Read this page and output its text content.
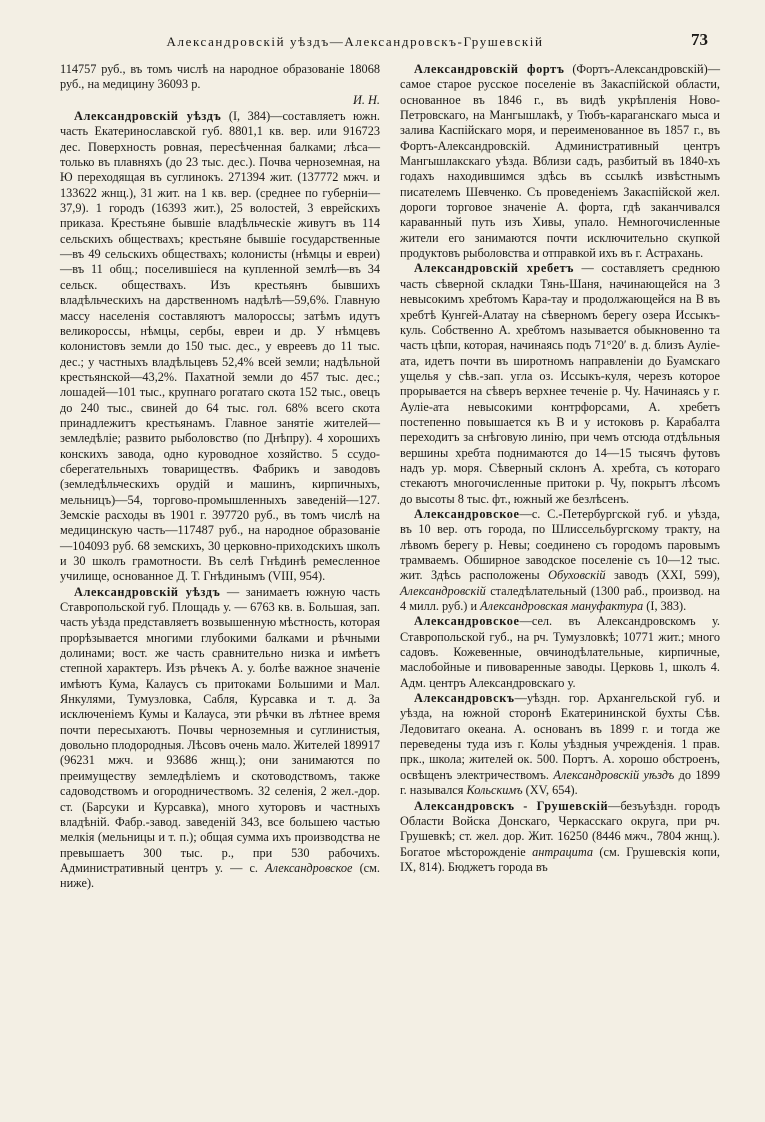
Александровскій уѣздъ—Александровскъ-Грушевскій	73

114757 руб., въ томъ числѣ на народное образованіе 18068 руб., на медицину 36093 р.

И. Н.

Александровскій уѣздъ (I, 384)—составляетъ южн. часть Екатеринославской губ. 8801,1 кв. вер. или 916723 дес. Поверхность ровная, пересѣченная балками; лѣса—только въ плавняхъ (до 23 тыс. дес.). Почва черноземная, на Ю переходящая въ суглинокъ. 271394 жит. (137772 мжч. и 133622 жнщ.), 31 жит. на 1 кв. вер. (среднее по губерніи—37,9). 1 городъ (16393 жит.), 25 волостей, 3 еврейскихъ приказа. Крестьяне бывшіе владѣльческіе живутъ въ 114 сельскихъ обществахъ; крестьяне бывшіе государственные—въ 49 сельскихъ обществахъ; колонисты (нѣмцы и евреи)—въ 11 общ.; поселившіеся на купленной землѣ—въ 34 сельск. обществахъ. Изъ крестьянъ бывшихъ владѣльческихъ на дарственномъ надѣлѣ—59,6%. Главную массу населенія составляютъ малороссы; затѣмъ идутъ великороссы, нѣмцы, сербы, евреи и др. У нѣмцевъ колонистовъ земли до 150 тыс. дес., у евреевъ до 11 тыс. дес.; у частныхъ владѣльцевъ 52,4% всей земли; надѣльной крестьянской—43,2%. Пахатной земли до 457 тыс. дес.; лошадей—101 тыс., крупнаго рогатаго скота 152 тыс., овецъ до 240 тыс., свиней до 64 тыс. гол. 68% всего скота принадлежитъ крестьянамъ. Главное занятіе жителей—земледѣліе; развито рыболовство (по Днѣпру). 4 хорошихъ конскихъ завода, одно куроводное хозяйство. 5 ссудо-сберегательныхъ товариществъ. Фабрикъ и заводовъ (земледѣльческихъ орудій и машинъ, кирпичныхъ, мельницъ)—54, торгово-промышленныхъ заведеній—127. Земскіе расходы въ 1901 г. 397720 руб., въ томъ числѣ на медицинскую часть—117487 руб., на народное образованіе—104093 руб. 68 земскихъ, 30 церковно-приходскихъ школъ и 30 школъ грамотности. Въ селѣ Гнѣдинѣ ремесленное училище, основанное Д. Т. Гнѣдинымъ (VIII, 954).

Александровскій уѣздъ — занимаетъ южную часть Ставропольской губ. Площадь у. — 6763 кв. в. Большая, зап. часть уѣзда представляетъ возвышенную мѣстность, которая прорѣзывается многими глубокими балками и рѣчными долинами; вост. же часть сравнительно низка и имѣетъ степной характеръ. Изъ рѣчекъ А. у. болѣе важное значеніе имѣютъ Кума, Калаусъ съ притоками Большими и Мал. Янкулями, Тумузловка, Сабля, Курсавка и т. д. За исключеніемъ Кумы и Калауса, эти рѣчки въ лѣтнее время почти пересыхаютъ. Почвы черноземныя и суглинистыя, довольно плодородныя. Лѣсовъ очень мало. Жителей 189917 (96231 мжч. и 93686 жнщ.); они занимаются по преимуществу земледѣліемъ и скотоводствомъ, также садоводствомъ и огородничествомъ. 32 селенія, 2 жел.-дор. ст. (Барсуки и Курсавка), много хуторовъ и частныхъ владѣній. Фабр.-завод. заведеній 343, все большею частью мелкія (мельницы и т. п.); общая сумма ихъ производства не превышаетъ 300 тыс. р., при 530 рабочихъ. Административный центръ у. — с. Александровское (см. ниже).

Александровскій фортъ (Фортъ-Александровскій)—самое старое русское поселеніе въ Закаспійской области, основанное въ 1846 г., въ видѣ укрѣпленія Ново-Петровскаго, на Мангышлакѣ, у Тюбъ-караганскаго мыса и залива Каспійскаго моря, и переименованное въ 1857 г., въ Фортъ-Александровскій. Административный центръ Мангышлакскаго уѣзда. Вблизи садъ, разбитый въ 1840-хъ годахъ находившимся здѣсь въ ссылкѣ извѣстнымъ писателемъ Шевченко. Съ проведеніемъ Закаспійской жел. дороги торговое значеніе А. форта, гдѣ заканчивался караванный путь изъ Хивы, упало. Немногочисленные жители его занимаются почти исключительно скупкой продуктовъ рыболовства и отправкой ихъ въ г. Астрахань.

Александровскій хребетъ — составляетъ среднюю часть сѣверной складки Тянь-Шаня, начинающейся на 3 невысокимъ хребтомъ Кара-тау и продолжающейся на В въ хребтѣ Кунгей-Алатау на сѣверномъ берегу озера Иссыкъ-куль. Собственно А. хребтомъ называется обыкновенно та часть цѣпи, которая, начинаясь подъ 71°20′ в. д. близъ Ауліе-ата, идетъ почти въ широтномъ направленіи до Буамскаго ущелья у сѣв.-зап. угла оз. Иссыкъ-куля, черезъ которое прорывается на сѣверъ верхнее теченіе р. Чу. Начинаясь у г. Ауліе-ата невысокими контрфорсами, А. хребетъ постепенно повышается къ В и у истоковъ р. Карабалта переходитъ за снѣговую линію, при чемъ отсюда отдѣльныя вершины хребта поднимаются до 14—15 тысячъ футовъ надъ ур. моря. Сѣверный склонъ А. хребта, съ котораго стекаютъ многочисленные притоки р. Чу, покрытъ лѣсомъ до высоты 8 тыс. фт., южный же безлѣсенъ.

Александровское—с. С.-Петербургской губ. и уѣзда, въ 10 вер. отъ города, по Шлиссельбургскому тракту, на лѣвомъ берегу р. Невы; соединено съ городомъ паровымъ трамваемъ. Обширное заводское поселеніе съ 10—12 тыс. жит. Здѣсь расположены Обуховскій заводъ (XXI, 599), Александровскій сталедѣлательный (1300 раб., производ. на 4 милл. руб.) и Александровская мануфактура (I, 383).

Александровское—сел. въ Александровскомъ у. Ставропольской губ., на рч. Тумузловкѣ; 10771 жит.; много садовъ. Кожевенные, овчинодѣлательные, кирпичные, маслобойные и пивоваренные заводы. Церковь 1, школъ 4. Адм. центръ Александровскаго у.

Александровскъ—уѣздн. гор. Архангельской губ. и уѣзда, на южной сторонѣ Екатерининской бухты Сѣв. Ледовитаго океана. А. основанъ въ 1899 г. и тогда же переведены туда изъ г. Колы уѣздныя учрежденія. 1 прав. прк., школа; жителей ок. 500. Портъ. А. хорошо обстроенъ, освѣщенъ электричествомъ. Александровскій уѣздъ до 1899 г. назывался Кольскимъ (XV, 654).

Александровскъ - Грушевскій—безъуѣздн. городъ Области Войска Донскаго, Черкасскаго округа, при рч. Грушевкѣ; ст. жел. дор. Жит. 16250 (8446 мжч., 7804 жнщ.). Богатое мѣсторожденіе антрацита (см. Грушевскія копи, IX, 814). Бюджетъ города въ
